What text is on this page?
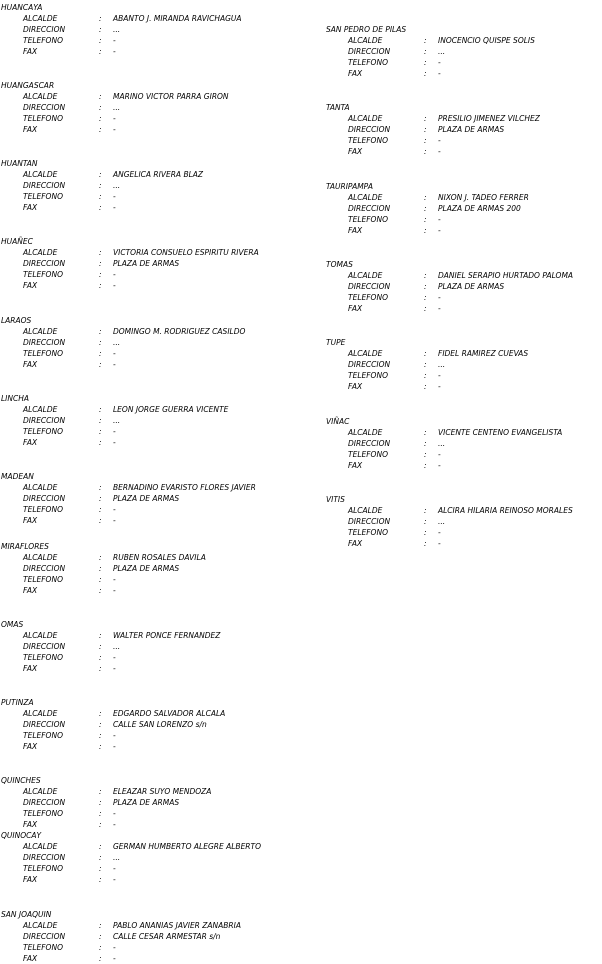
HUANCAYA
ALCALDE	: ABANTO J. MIRANDA RAVICHAGUA
DIRECCION	: ...
TELEFONO	: -
FAX	: -
HUANGASCAR
ALCALDE	: MARINO VICTOR PARRA GIRON
DIRECCION	: ...
TELEFONO	: -
FAX	: -
HUANTAN
ALCALDE	: ANGELICA RIVERA BLAZ
DIRECCION	: ...
TELEFONO	: -
FAX	: -
HUAÑEC
ALCALDE	: VICTORIA CONSUELO ESPIRITU RIVERA
DIRECCION	: PLAZA DE ARMAS
TELEFONO	: -
FAX	: -
LARAOS
ALCALDE	: DOMINGO M. RODRIGUEZ CASILDO
DIRECCION	: ...
TELEFONO	: -
FAX	: -
LINCHA
ALCALDE	: LEON JORGE GUERRA VICENTE
DIRECCION	: ...
TELEFONO	: -
FAX	: -
MADEAN
ALCALDE	: BERNADINO EVARISTO FLORES JAVIER
DIRECCION	: PLAZA DE ARMAS
TELEFONO	: -
FAX	: -
MIRAFLORES
ALCALDE	: RUBEN ROSALES DAVILA
DIRECCION	: PLAZA DE ARMAS
TELEFONO	: -
FAX	: -
OMAS
ALCALDE	: WALTER PONCE FERNANDEZ
DIRECCION	: ...
TELEFONO	: -
FAX	: -
PUTINZA
ALCALDE	: EDGARDO SALVADOR ALCALA
DIRECCION	: CALLE SAN LORENZO s/n
TELEFONO	: -
FAX	: -
QUINCHES
ALCALDE	: ELEAZAR SUYO MENDOZA
DIRECCION	: PLAZA DE ARMAS
TELEFONO	: -
FAX	: -
QUINOCAY
ALCALDE	: GERMAN HUMBERTO ALEGRE ALBERTO
DIRECCION	: ...
TELEFONO	: -
FAX	: -
SAN JOAQUIN
ALCALDE	: PABLO ANANIAS JAVIER ZANABRIA
DIRECCION	: CALLE CESAR ARMESTAR s/n
TELEFONO	: -
FAX	: -
SAN PEDRO DE PILAS
ALCALDE	: INOCENCIO QUISPE SOLIS
DIRECCION	: ...
TELEFONO	: -
FAX	: -
TANTA
ALCALDE	: PRESILIO JIMENEZ VILCHEZ
DIRECCION	: PLAZA DE ARMAS
TELEFONO	: -
FAX	: -
TAURIPAMPA
ALCALDE	: NIXON J. TADEO FERRER
DIRECCION	: PLAZA DE ARMAS 200
TELEFONO	: -
FAX	: -
TOMAS
ALCALDE	: DANIEL SERAPIO HURTADO PALOMA
DIRECCION	: PLAZA DE ARMAS
TELEFONO	: -
FAX	: -
TUPE
ALCALDE	: FIDEL RAMIREZ CUEVAS
DIRECCION	: ...
TELEFONO	: -
FAX	: -
VIÑAC
ALCALDE	: VICENTE CENTENO EVANGELISTA
DIRECCION	: ...
TELEFONO	: -
FAX	: -
VITIS
ALCALDE	: ALCIRA HILARIA REINOSO MORALES
DIRECCION	: ...
TELEFONO	: -
FAX	: -
